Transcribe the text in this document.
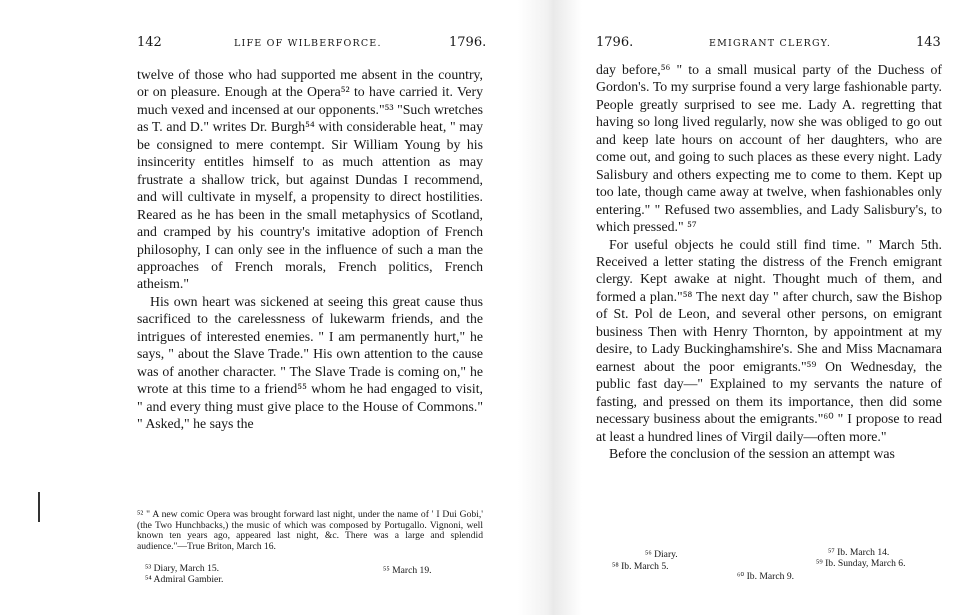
142	LIFE OF WILBERFORCE.	1796.

twelve of those who had supported me absent in the country, or on pleasure. Enough at the Opera⁵² to have carried it. Very much vexed and incensed at our opponents."⁵³ "Such wretches as T. and D." writes Dr. Burgh⁵⁴ with considerable heat, " may be consigned to mere contempt. Sir William Young by his insincerity entitles himself to as much attention as may frustrate a shallow trick, but against Dundas I recommend, and will cultivate in myself, a propensity to direct hostilities. Reared as he has been in the small metaphysics of Scotland, and cramped by his country's imitative adoption of French philosophy, I can only see in the influence of such a man the approaches of French morals, French politics, French atheism."

His own heart was sickened at seeing this great cause thus sacrificed to the carelessness of lukewarm friends, and the intrigues of interested enemies. " I am permanently hurt," he says, " about the Slave Trade." His own attention to the cause was of another character. " The Slave Trade is coming on," he wrote at this time to a friend⁵⁵ whom he had engaged to visit, " and every thing must give place to the House of Commons." " Asked," he says the

⁵² " A new comic Opera was brought forward last night, under the name of ' I Dui Gobi,' (the Two Hunchbacks,) the music of which was composed by Portugallo. Vignoni, well known ten years ago, appeared last night, &c. There was a large and splendid audience."—True Briton, March 16.

⁵³ Diary, March 15.
⁵⁴ Admiral Gambier.
⁵⁵ March 19.
1796.	EMIGRANT CLERGY.	143

day before,⁵⁶ " to a small musical party of the Duchess of Gordon's. To my surprise found a very large fashionable party. People greatly surprised to see me. Lady A. regretting that having so long lived regularly, now she was obliged to go out and keep late hours on account of her daughters, who are come out, and going to such places as these every night. Lady Salisbury and others expecting me to come to them. Kept up too late, though came away at twelve, when fashionables only entering." " Refused two assemblies, and Lady Salisbury's, to which pressed." ⁵⁷

For useful objects he could still find time. " March 5th. Received a letter stating the distress of the French emigrant clergy. Kept awake at night. Thought much of them, and formed a plan."⁵⁸ The next day " after church, saw the Bishop of St. Pol de Leon, and several other persons, on emigrant business Then with Henry Thornton, by appointment at my desire, to Lady Buckinghamshire's. She and Miss Macnamara earnest about the poor emigrants."⁵⁹ On Wednesday, the public fast day—" Explained to my servants the nature of fasting, and pressed on them its importance, then did some necessary business about the emigrants."⁶⁰ " I propose to read at least a hundred lines of Virgil daily—often more."

Before the conclusion of the session an attempt was

⁵⁶ Diary.
⁵⁸ Ib. March 5.
⁵⁷ Ib. March 14.
⁵⁹ Ib. Sunday, March 6.
⁶⁰ Ib. March 9.
